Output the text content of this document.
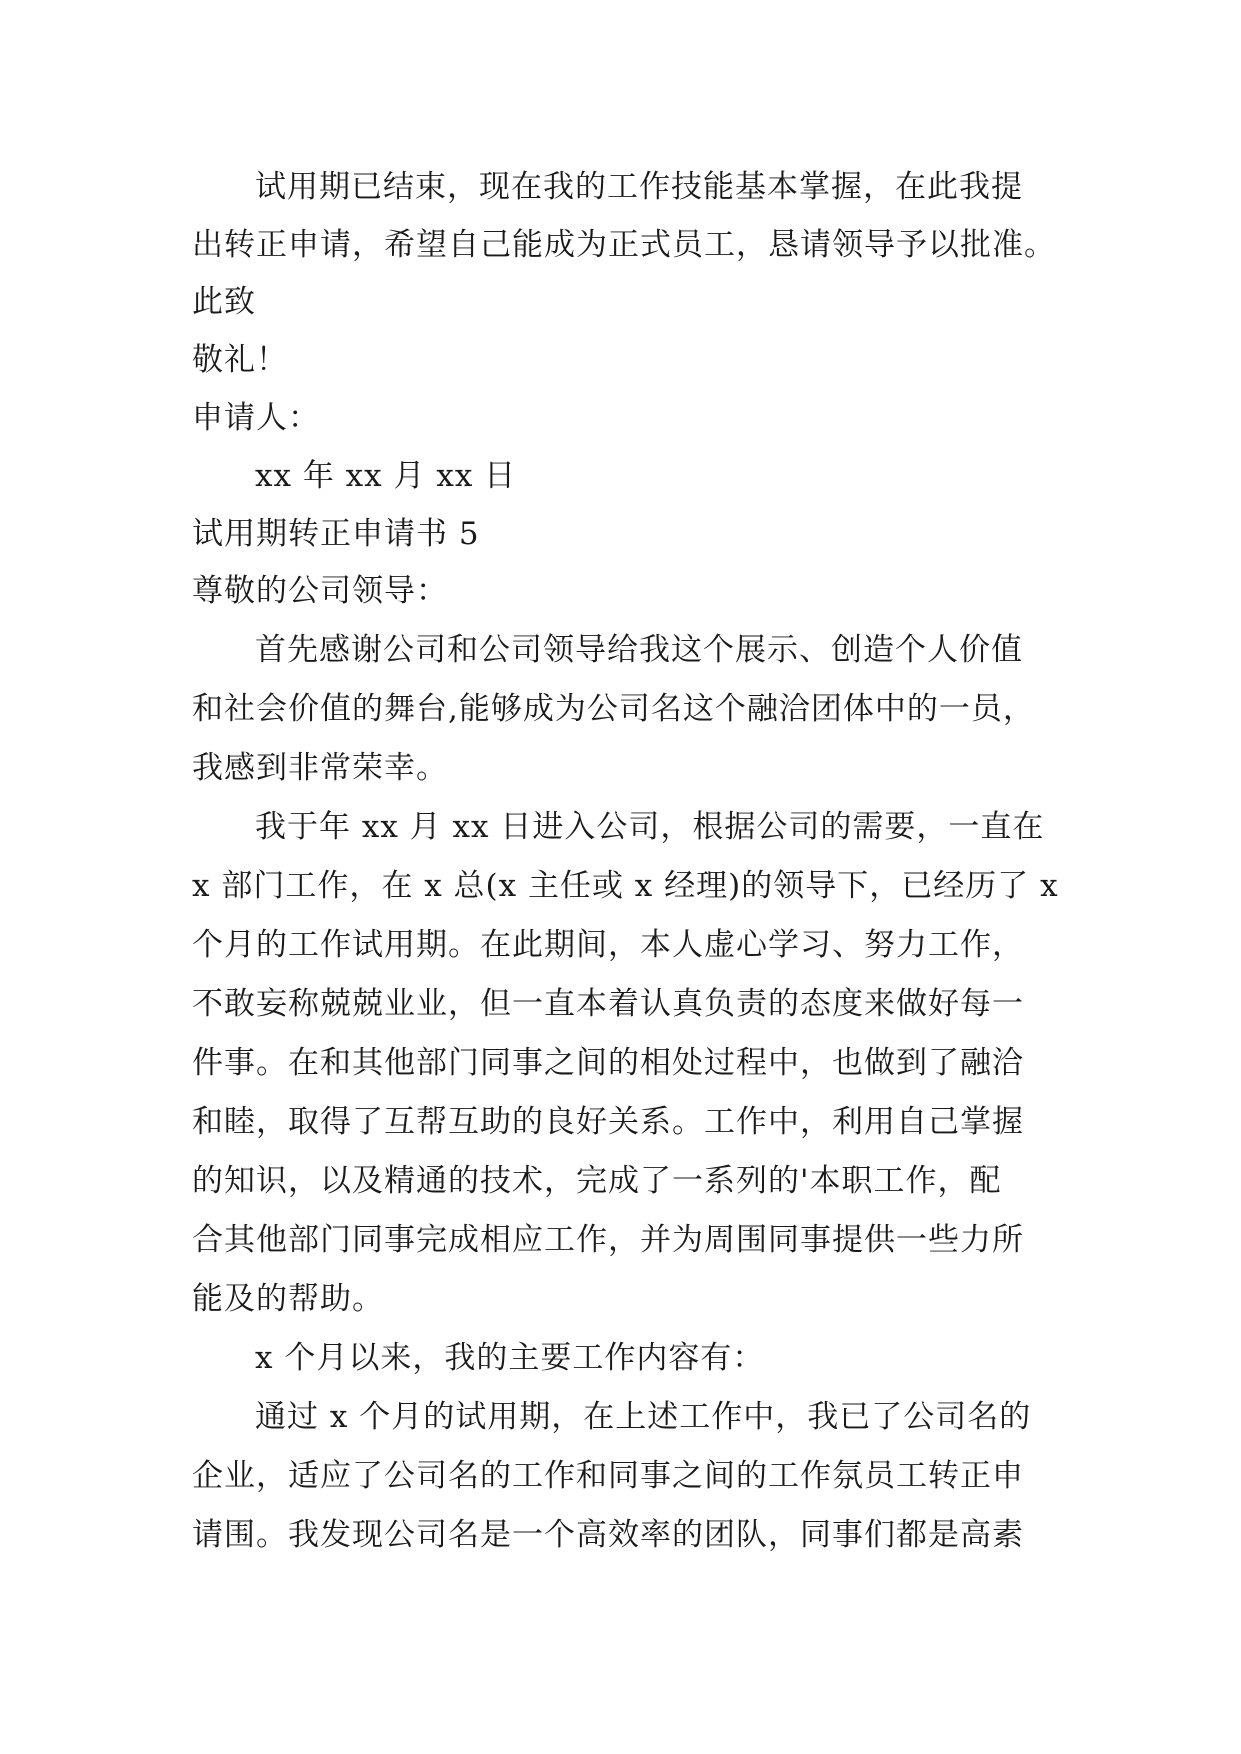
试用期已结束，现在我的工作技能基本掌握，在此我提
出转正申请，希望自己能成为正式员工，恳请领导予以批准。
此致
敬礼！
申请人：
xx 年 xx 月 xx 日
试用期转正申请书 5
尊敬的公司领导：
首先感谢公司和公司领导给我这个展示、创造个人价值
和社会价值的舞台,能够成为公司名这个融洽团体中的一员，
我感到非常荣幸。
我于年 xx 月 xx 日进入公司，根据公司的需要，一直在
x 部门工作，在 x 总(x 主任或 x 经理)的领导下，已经历了 x
个月的工作试用期。在此期间，本人虚心学习、努力工作，
不敢妄称兢兢业业，但一直本着认真负责的态度来做好每一
件事。在和其他部门同事之间的相处过程中，也做到了融洽
和睦，取得了互帮互助的良好关系。工作中，利用自己掌握
的知识，以及精通的技术，完成了一系列的'本职工作，配
合其他部门同事完成相应工作，并为周围同事提供一些力所
能及的帮助。
x 个月以来，我的主要工作内容有：
通过 x 个月的试用期，在上述工作中，我已了公司名的
企业，适应了公司名的工作和同事之间的工作氛员工转正申
请围。我发现公司名是一个高效率的团队，同事们都是高素
